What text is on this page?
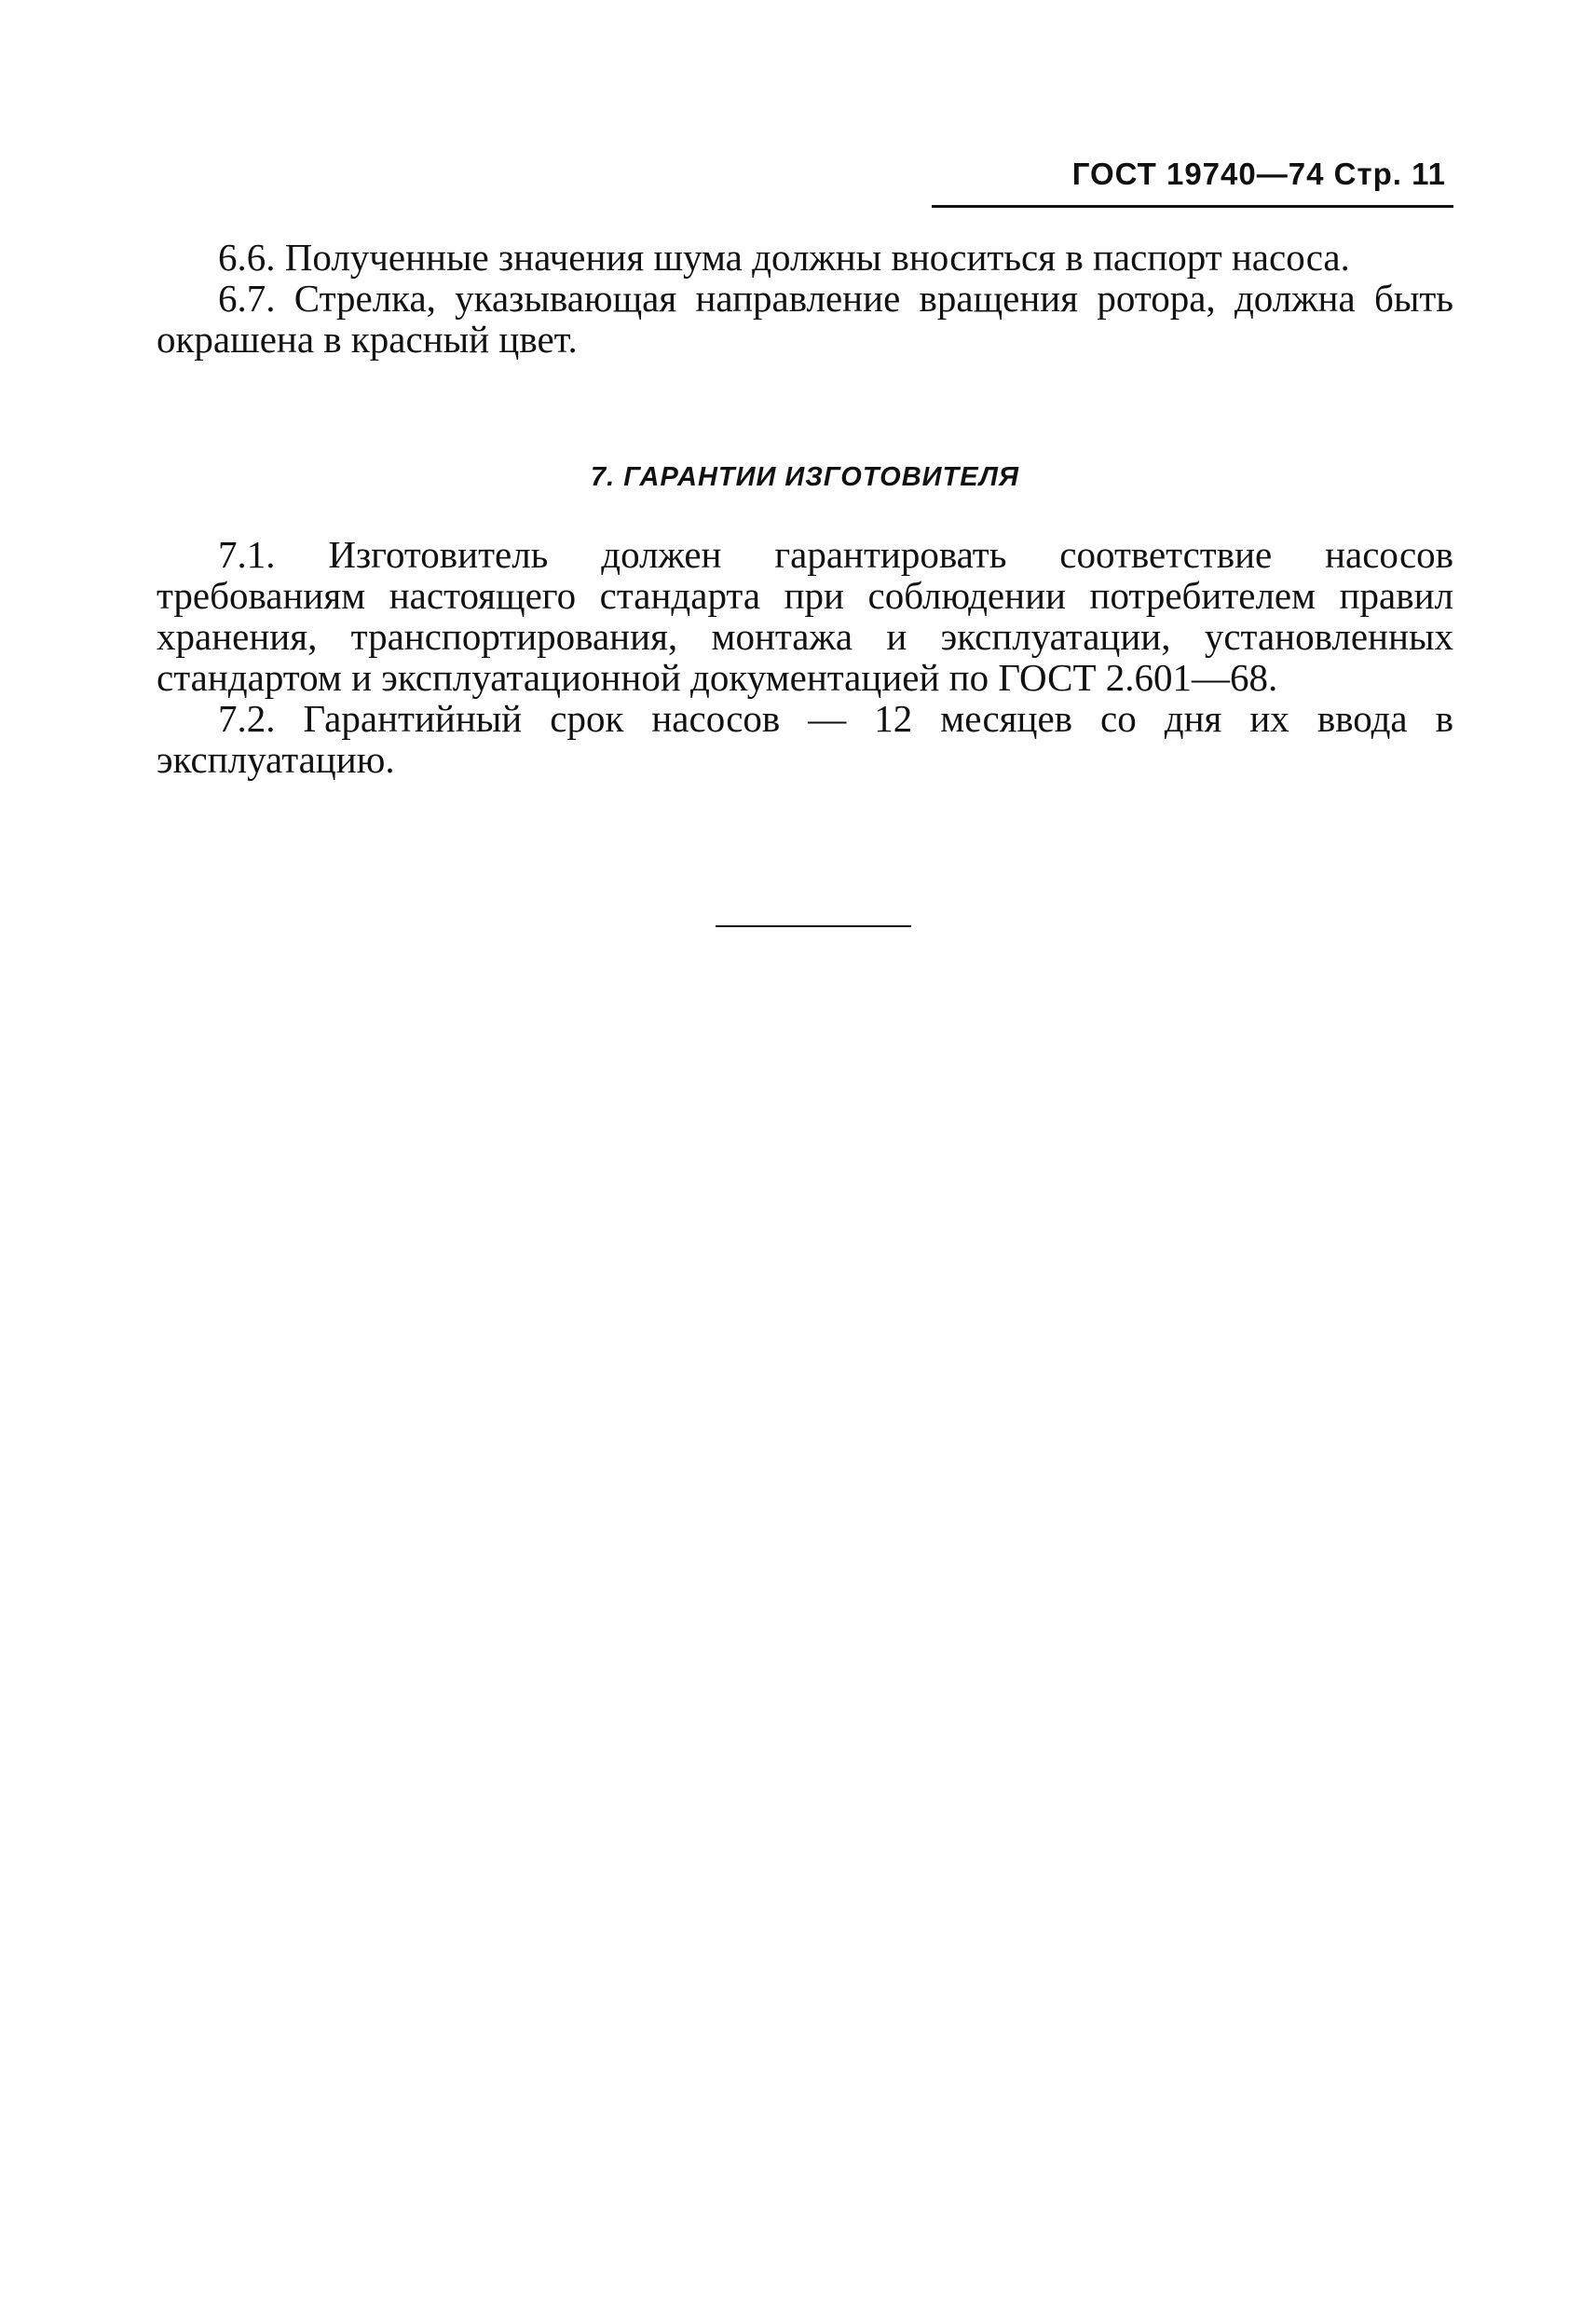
ГОСТ 19740—74 Стр. 11

6.6. Полученные значения шума должны вноситься в паспорт насоса.

6.7. Стрелка, указывающая направление вращения ротора, должна быть окрашена в красный цвет.

7. ГАРАНТИИ ИЗГОТОВИТЕЛЯ

7.1. Изготовитель должен гарантировать соответствие насосов требованиям настоящего стандарта при соблюдении потребителем правил хранения, транспортирования, монтажа и эксплуатации, установленных стандартом и эксплуатационной документацией по ГОСТ 2.601—68.

7.2. Гарантийный срок насосов — 12 месяцев со дня их ввода в эксплуатацию.
